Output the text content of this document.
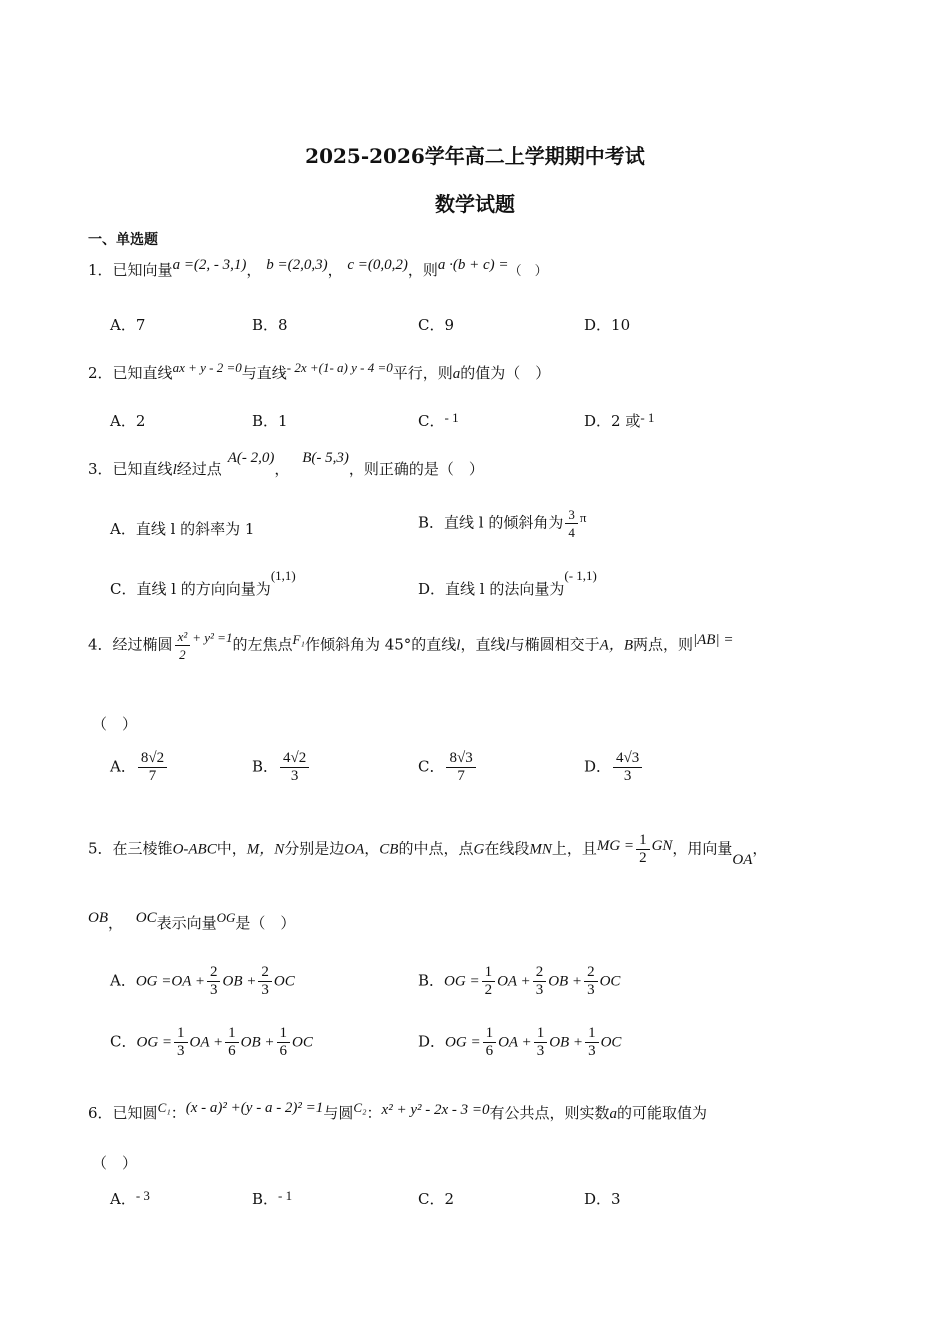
2025-2026学年高二上学期期中考试
数学试题
一、单选题
1．已知向量a =(2, - 3,1)， b =(2,0,3)， c =(0,0,2)，则a ·(b + c) =（　）
A．7	B．8	C．9	D．10
2．已知直线ax + y - 2 =0与直线- 2x +(1- a) y - 4 =0平行，则a的值为（　）
A．2	B．1	C．- 1	D．2 或- 1
3．已知直线l经过点A(- 2,0)， B(- 5,3)，则正确的是（　）
A．直线 l 的斜率为 1	B．直线 l 的倾斜角为 $\frac{3}{4}$ π
C．直线 l 的方向向量为(1,1)
D．直线 l 的法向量为(- 1,1)
4．经过椭圆 $\frac{\text{x²}}{2} + y^2 =1$的左焦点F₁作倾斜角为 45°的直线l，直线l与椭圆相交于A，B两点，则|AB| =
（　）
A． $\frac{8√2}{7}$	B． $\frac{4√2}{3}$	C． $\frac{8√3}{7}$	D． $\frac{4√3}{3}$
5．在三棱锥O-ABC中，M，N分别是边OA，CB的中点，点G在线段MN上，且MG = $\frac{1}{2}$ GN，用向量OA，
OB， OC表示向量OG是（　）
A．OG $=OA + \frac{2}{3}$ OB + $\frac{2}{3}$ OC	B．OG = $\frac{1}{2}$ OA + $\frac{2}{3}$ OB + $\frac{2}{3}$ OC
C．OG = $\frac{1}{3}$ OA + $\frac{1}{6}$ OB + $\frac{1}{6}$ OC	D．OG = $\frac{1}{6}$ OA + $\frac{1}{3}$ OB + $\frac{1}{3}$ OC
6．已知圆C₁：(x - a)² +(y - a - 2)² =1与圆C₂：x² + y² - 2x - 3 =0有公共点，则实数a的可能取值为
（　）
A．- 3	B．- 1	C．2	D．3
